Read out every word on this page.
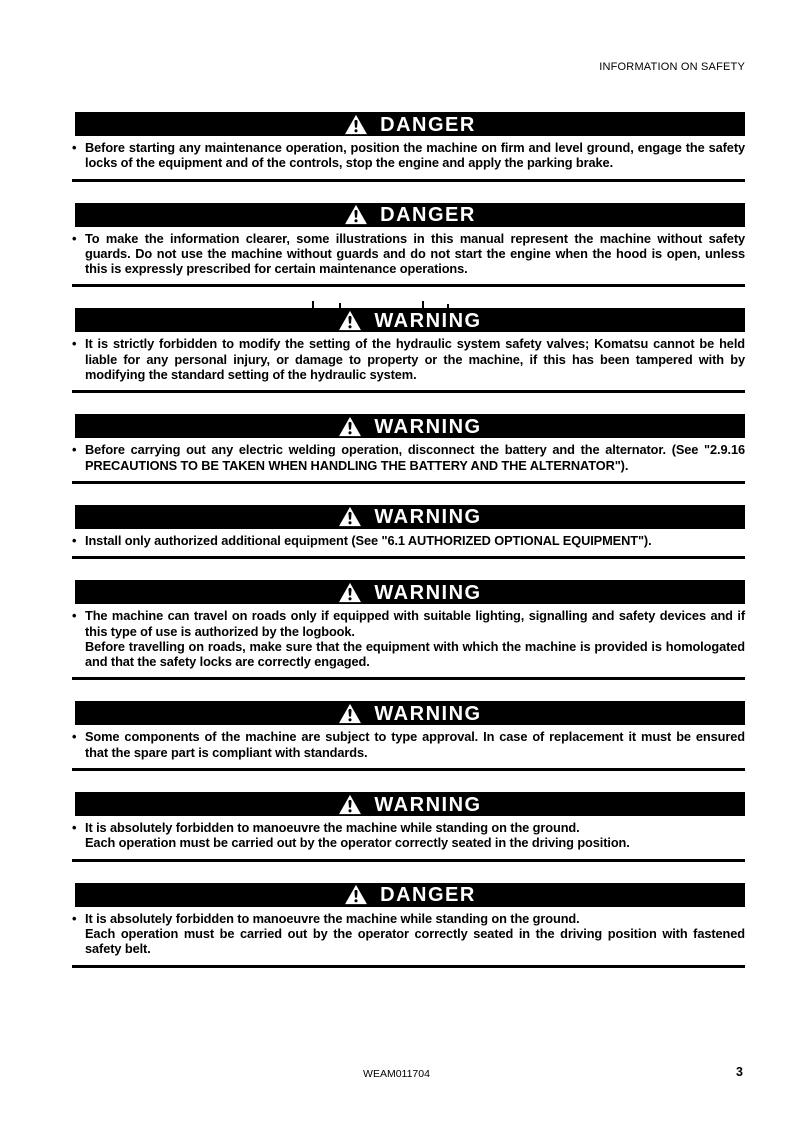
INFORMATION ON SAFETY
DANGER
• Before starting any maintenance operation, position the machine on firm and level ground, engage the safety locks of the equipment and of the controls, stop the engine and apply the parking brake.

DANGER
• To make the information clearer, some illustrations in this manual represent the machine without safety guards. Do not use the machine without guards and do not start the engine when the hood is open, unless this is expressly prescribed for certain maintenance operations.

WARNING
• It is strictly forbidden to modify the setting of the hydraulic system safety valves; Komatsu cannot be held liable for any personal injury, or damage to property or the machine, if this has been tampered with by modifying the standard setting of the hydraulic system.

WARNING
• Before carrying out any electric welding operation, disconnect the battery and the alternator. (See "2.9.16 PRECAUTIONS TO BE TAKEN WHEN HANDLING THE BATTERY AND THE ALTERNATOR").

WARNING
• Install only authorized additional equipment (See "6.1 AUTHORIZED OPTIONAL EQUIPMENT").

WARNING
• The machine can travel on roads only if equipped with suitable lighting, signalling and safety devices and if this type of use is authorized by the logbook.

Before travelling on roads, make sure that the equipment with which the machine is provided is homologated and that the safety locks are correctly engaged.

WARNING
• Some components of the machine are subject to type approval. In case of replacement it must be ensured that the spare part is compliant with standards.

WARNING
• It is absolutely forbidden to manoeuvre the machine while standing on the ground.

Each operation must be carried out by the operator correctly seated in the driving position.

DANGER
• It is absolutely forbidden to manoeuvre the machine while standing on the ground.

Each operation must be carried out by the operator correctly seated in the driving position with fastened safety belt.

WEAM011704	3
